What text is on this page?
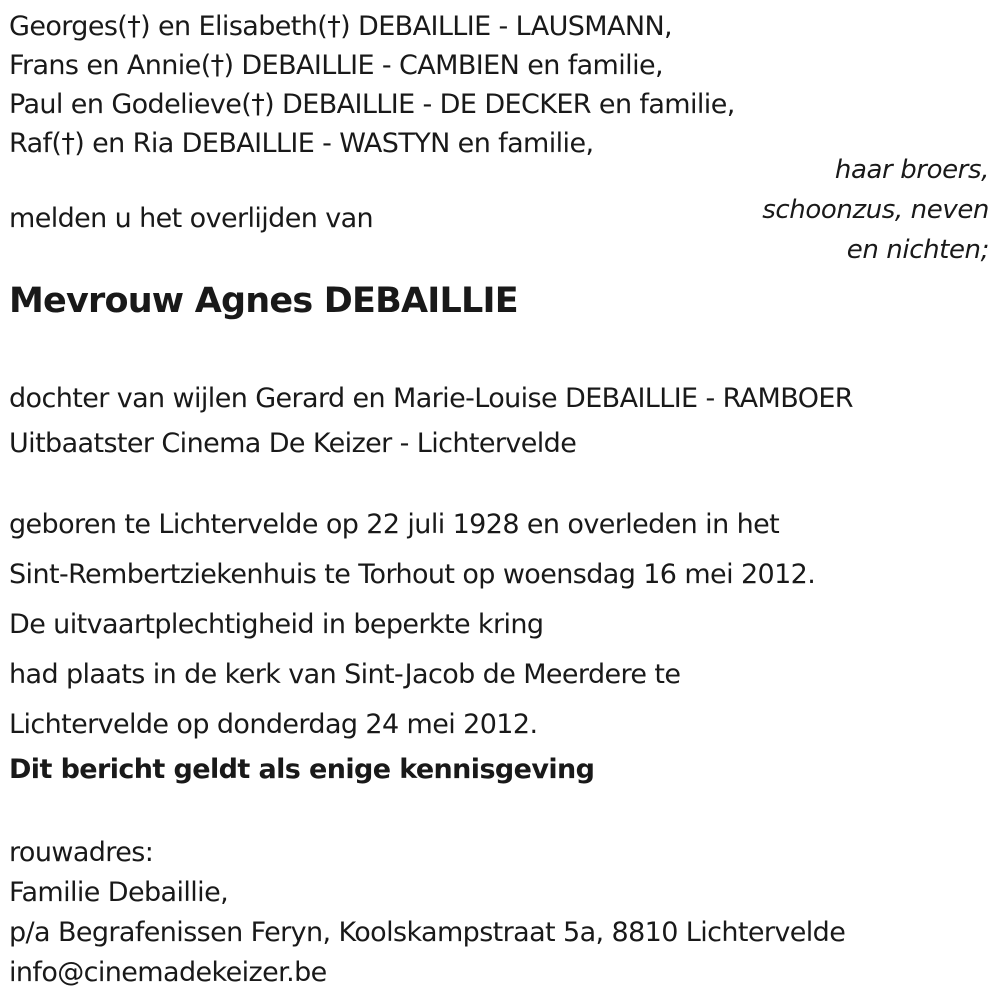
Georges(†) en Elisabeth(†) DEBAILLIE - LAUSMANN,
Frans en Annie(†) DEBAILLIE - CAMBIEN en familie,
Paul en Godelieve(†) DEBAILLIE - DE DECKER en familie,
Raf(†) en Ria DEBAILLIE - WASTYN en familie,
haar broers,
schoonzus, neven
en nichten;
melden u het overlijden van
Mevrouw Agnes DEBAILLIE
dochter van wijlen Gerard en Marie-Louise DEBAILLIE - RAMBOER
Uitbaatster Cinema De Keizer - Lichtervelde
geboren te Lichtervelde op 22 juli 1928 en overleden in het
Sint-Rembertziekenhuis te Torhout op woensdag 16 mei 2012.
De uitvaartplechtigheid in beperkte kring
had plaats in de kerk van Sint-Jacob de Meerdere te
Lichtervelde op donderdag 24 mei 2012.
Dit bericht geldt als enige kennisgeving
rouwadres:
Familie Debaillie,
p/a Begrafenissen Feryn, Koolskampstraat 5a, 8810 Lichtervelde
info@cinemadekeizer.be
